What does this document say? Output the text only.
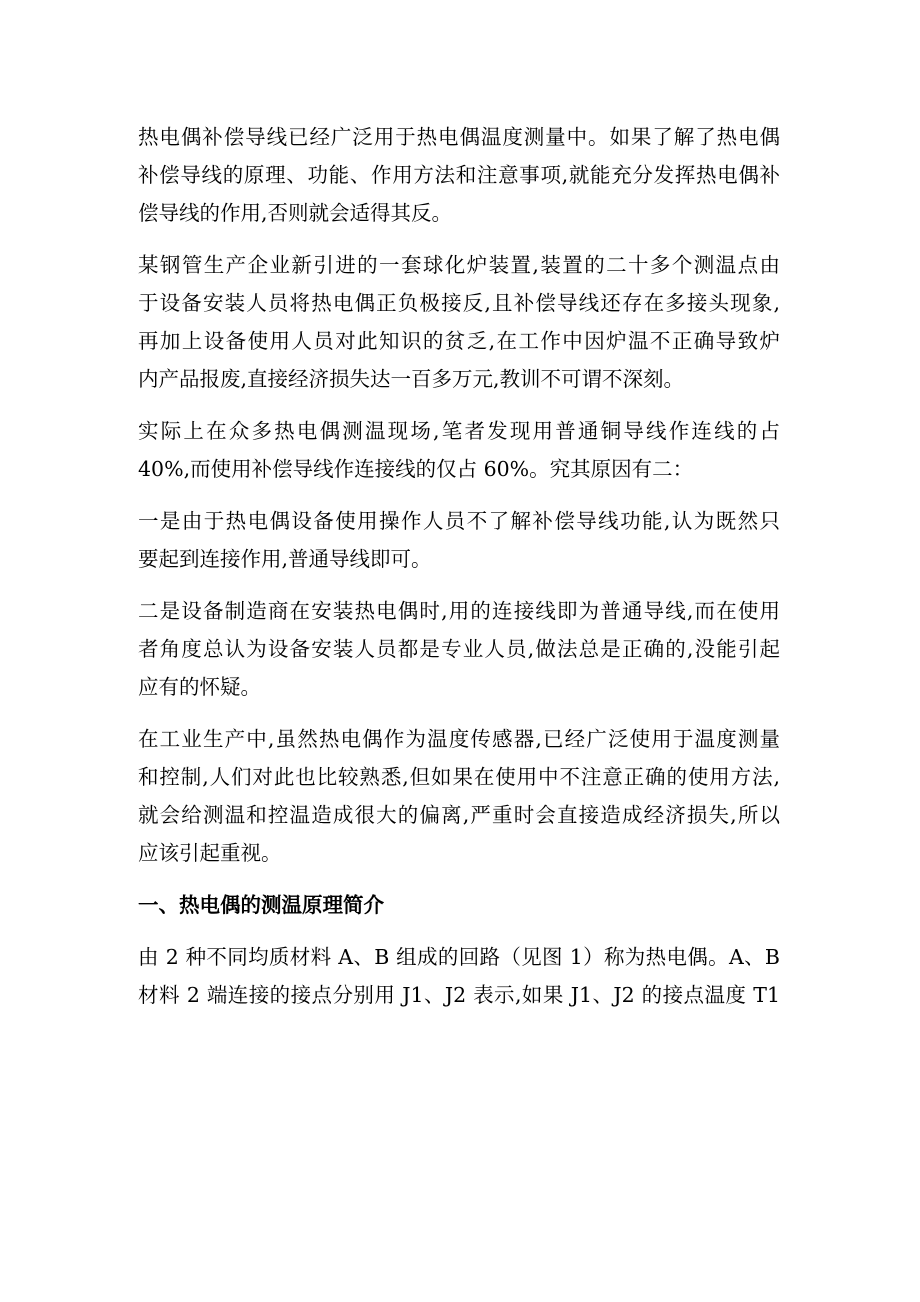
热电偶补偿导线已经广泛用于热电偶温度测量中。如果了解了热电偶
补偿导线的原理、功能、作用方法和注意事项,就能充分发挥热电偶补
偿导线的作用,否则就会适得其反。
某钢管生产企业新引进的一套球化炉装置,装置的二十多个测温点由
于设备安装人员将热电偶正负极接反,且补偿导线还存在多接头现象,
再加上设备使用人员对此知识的贫乏,在工作中因炉温不正确导致炉
内产品报废,直接经济损失达一百多万元,教训不可谓不深刻。
实际上在众多热电偶测温现场,笔者发现用普通铜导线作连线的占
40%,而使用补偿导线作连接线的仅占 60%。究其原因有二：
一是由于热电偶设备使用操作人员不了解补偿导线功能,认为既然只
要起到连接作用,普通导线即可。
二是设备制造商在安装热电偶时,用的连接线即为普通导线,而在使用
者角度总认为设备安装人员都是专业人员,做法总是正确的,没能引起
应有的怀疑。
在工业生产中,虽然热电偶作为温度传感器,已经广泛使用于温度测量
和控制,人们对此也比较熟悉,但如果在使用中不注意正确的使用方法,
就会给测温和控温造成很大的偏离,严重时会直接造成经济损失,所以
应该引起重视。
一、热电偶的测温原理简介
由 2 种不同均质材料 A、B 组成的回路（见图 1）称为热电偶。A、B
材料 2 端连接的接点分别用 J1、J2 表示,如果 J1、J2 的接点温度 T1
